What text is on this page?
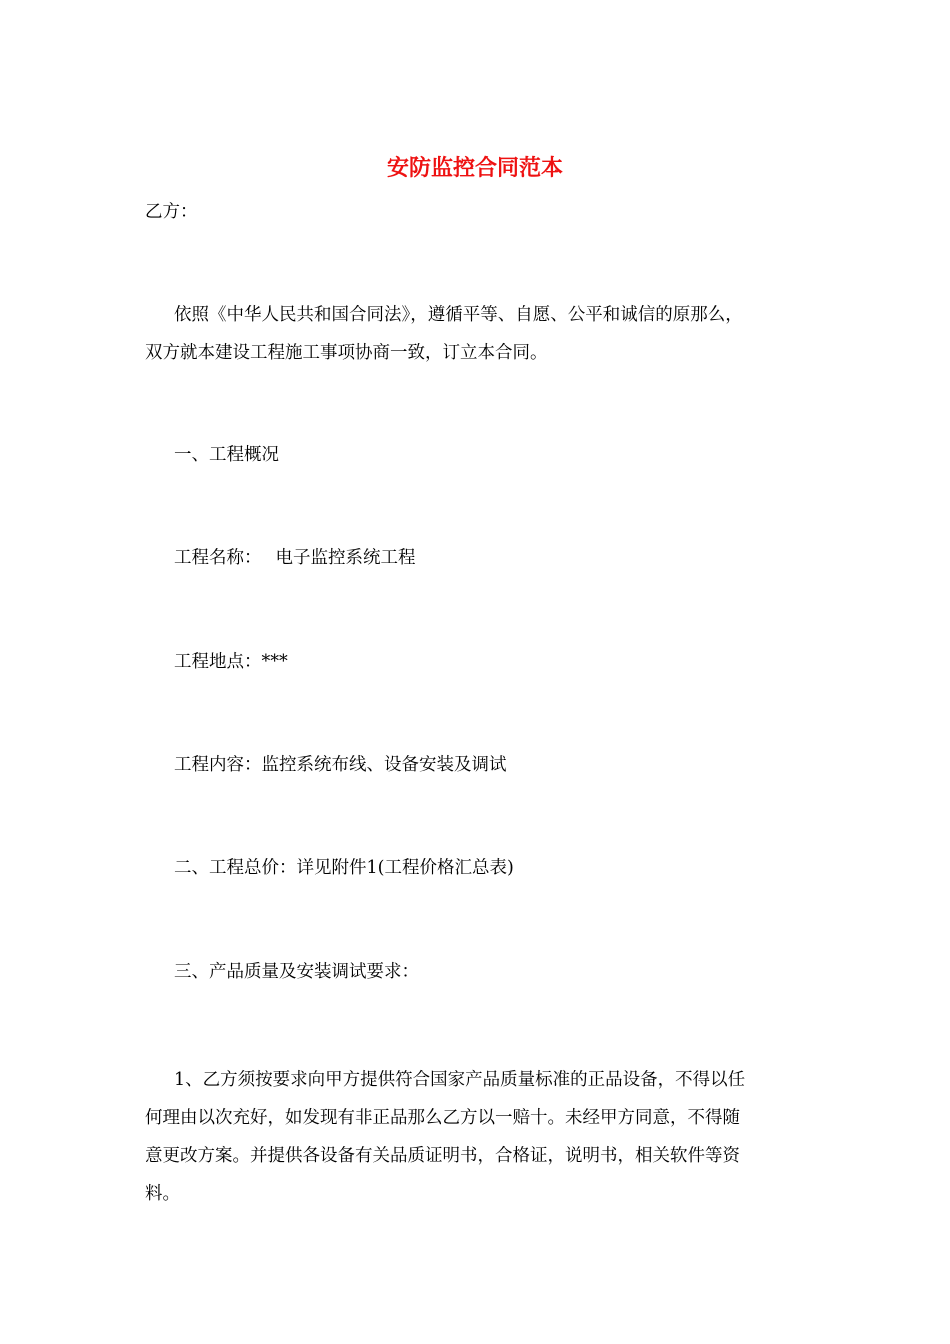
安防监控合同范本
乙方：
依照《中华人民共和国合同法》，遵循平等、自愿、公平和诚信的原那么，
双方就本建设工程施工事项协商一致，订立本合同。
一、工程概况
工程名称： 电子监控系统工程
工程地点：***
工程内容：监控系统布线、设备安装及调试
二、工程总价：详见附件1(工程价格汇总表)
三、产品质量及安装调试要求：
1、乙方须按要求向甲方提供符合国家产品质量标准的正品设备，不得以任
何理由以次充好，如发现有非正品那么乙方以一赔十。未经甲方同意，不得随
意更改方案。并提供各设备有关品质证明书，合格证，说明书，相关软件等资
料。
